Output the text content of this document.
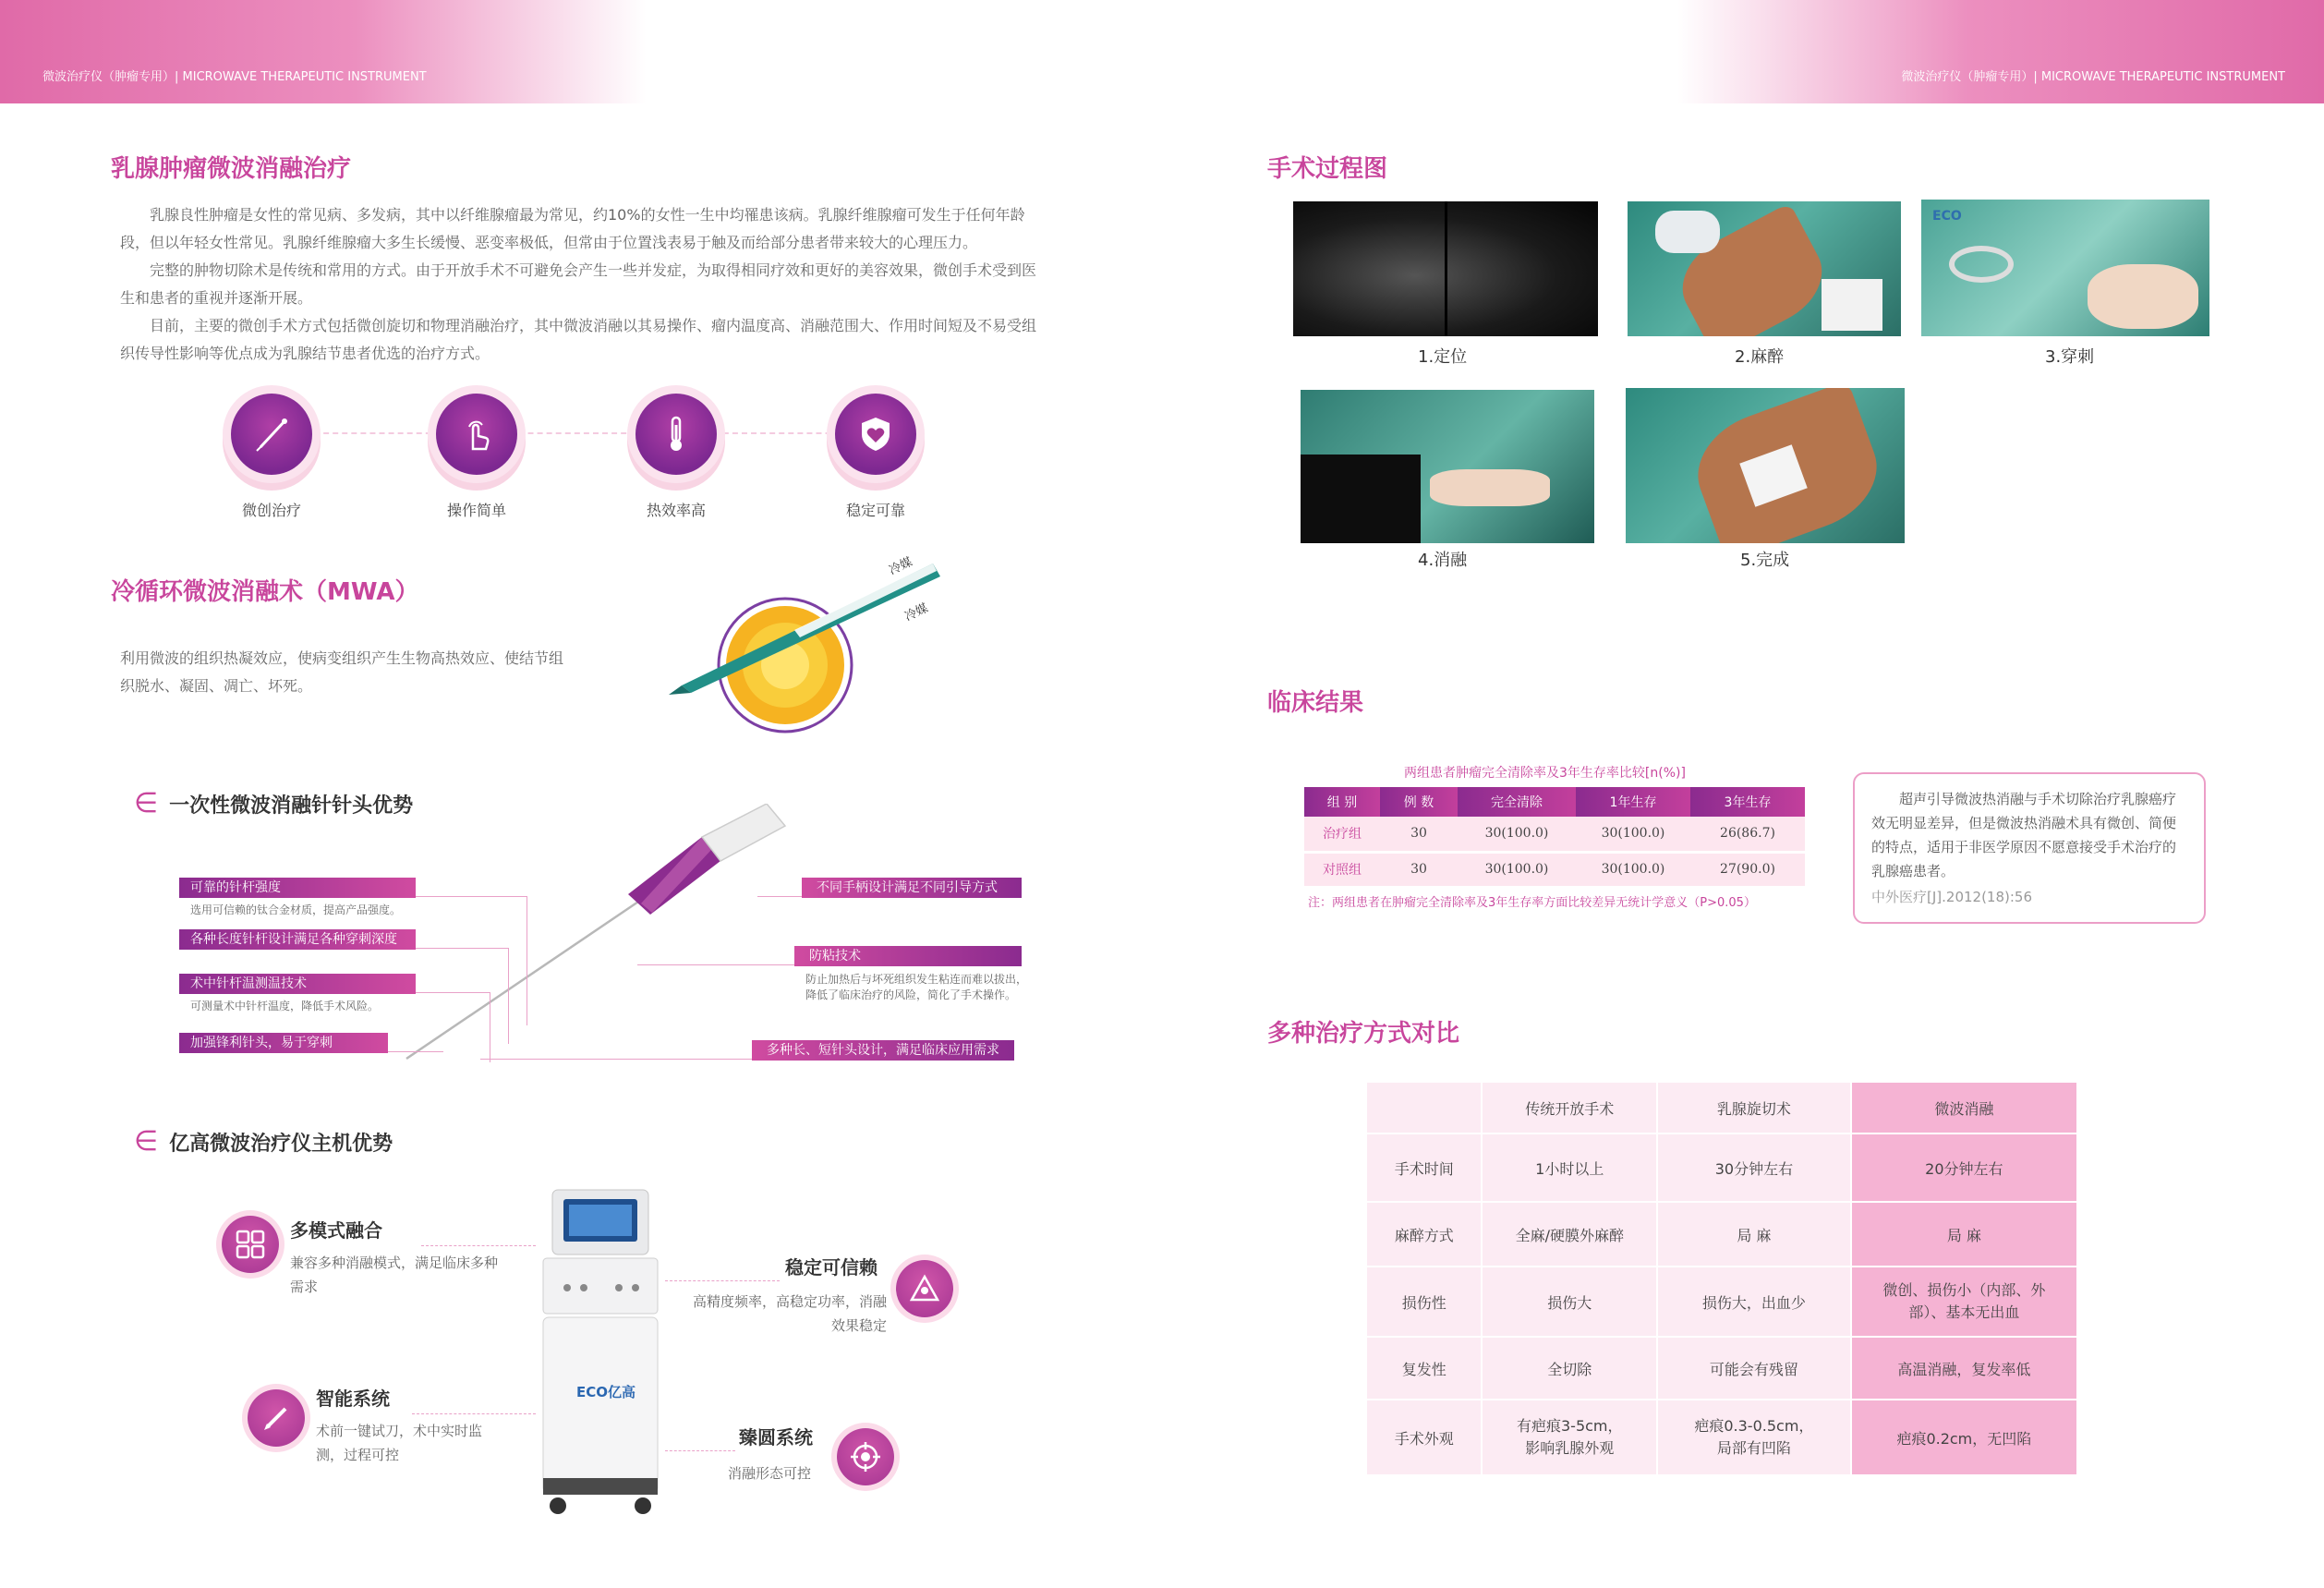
微波治疗仪（肿瘤专用）| MICROWAVE THERAPEUTIC INSTRUMENT	微波治疗仪（肿瘤专用）| MICROWAVE THERAPEUTIC INSTRUMENT
乳腺肿瘤微波消融治疗

乳腺良性肿瘤是女性的常见病、多发病，其中以纤维腺瘤最为常见，约10%的女性一生中均罹患该病。乳腺纤维腺瘤可发生于任何年龄段，但以年轻女性常见。乳腺纤维腺瘤大多生长缓慢、恶变率极低，但常由于位置浅表易于触及而给部分患者带来较大的心理压力。

完整的肿物切除术是传统和常用的方式。由于开放手术不可避免会产生一些并发症，为取得相同疗效和更好的美容效果，微创手术受到医生和患者的重视并逐渐开展。

目前，主要的微创手术方式包括微创旋切和物理消融治疗，其中微波消融以其易操作、瘤内温度高、消融范围大、作用时间短及不易受组织传导性影响等优点成为乳腺结节患者优选的治疗方式。

微创治疗	操作简单	热效率高	稳定可靠
冷循环微波消融术（MWA）
利用微波的组织热凝效应，使病变组织产生生物高热效应、使结节组织脱水、凝固、凋亡、坏死。
冷媒
冷媒
∈ 一次性微波消融针针头优势
可靠的针杆强度
选用可信赖的钛合金材质，提高产品强度。
各种长度针杆设计满足各种穿刺深度
术中针杆温测温技术
可测量术中针杆温度，降低手术风险。
加强锋利针头，易于穿刺
不同手柄设计满足不同引导方式
防粘技术
防止加热后与坏死组织发生粘连而难以拔出，降低了临床治疗的风险，简化了手术操作。
多种长、短针头设计，满足临床应用需求
∈ 亿高微波治疗仪主机优势
ECO亿高
多模式融合
兼容多种消融模式，满足临床多种需求
稳定可信赖
高精度频率，高稳定功率，消融效果稳定
智能系统
术前一键试刀，术中实时监测，过程可控
臻圆系统
消融形态可控
手术过程图
1.定位	2.麻醉
ECO
3.穿刺
4.消融	5.完成
临床结果
两组患者肿瘤完全清除率及3年生存率比较[n(%)]
组 别	例 数	完全清除	1年生存	3年生存
治疗组	30	30(100.0)	30(100.0)	26(86.7)
对照组	30	30(100.0)	30(100.0)	27(90.0)
注：两组患者在肿瘤完全清除率及3年生存率方面比较差异无统计学意义（P>0.05）
超声引导微波热消融与手术切除治疗乳腺癌疗效无明显差异，但是微波热消融术具有微创、简便的特点，适用于非医学原因不愿意接受手术治疗的乳腺癌患者。
中外医疗[J].2012(18):56
多种治疗方式对比
	传统开放手术	乳腺旋切术	微波消融
手术时间	1小时以上	30分钟左右	20分钟左右
麻醉方式	全麻/硬膜外麻醉	局 麻	局 麻
损伤性	损伤大	损伤大，出血少	微创、损伤小（内部、外部）、基本无出血
复发性	全切除	可能会有残留	高温消融，复发率低
手术外观	有疤痕3-5cm，影响乳腺外观	疤痕0.3-0.5cm，局部有凹陷	疤痕0.2cm，无凹陷
